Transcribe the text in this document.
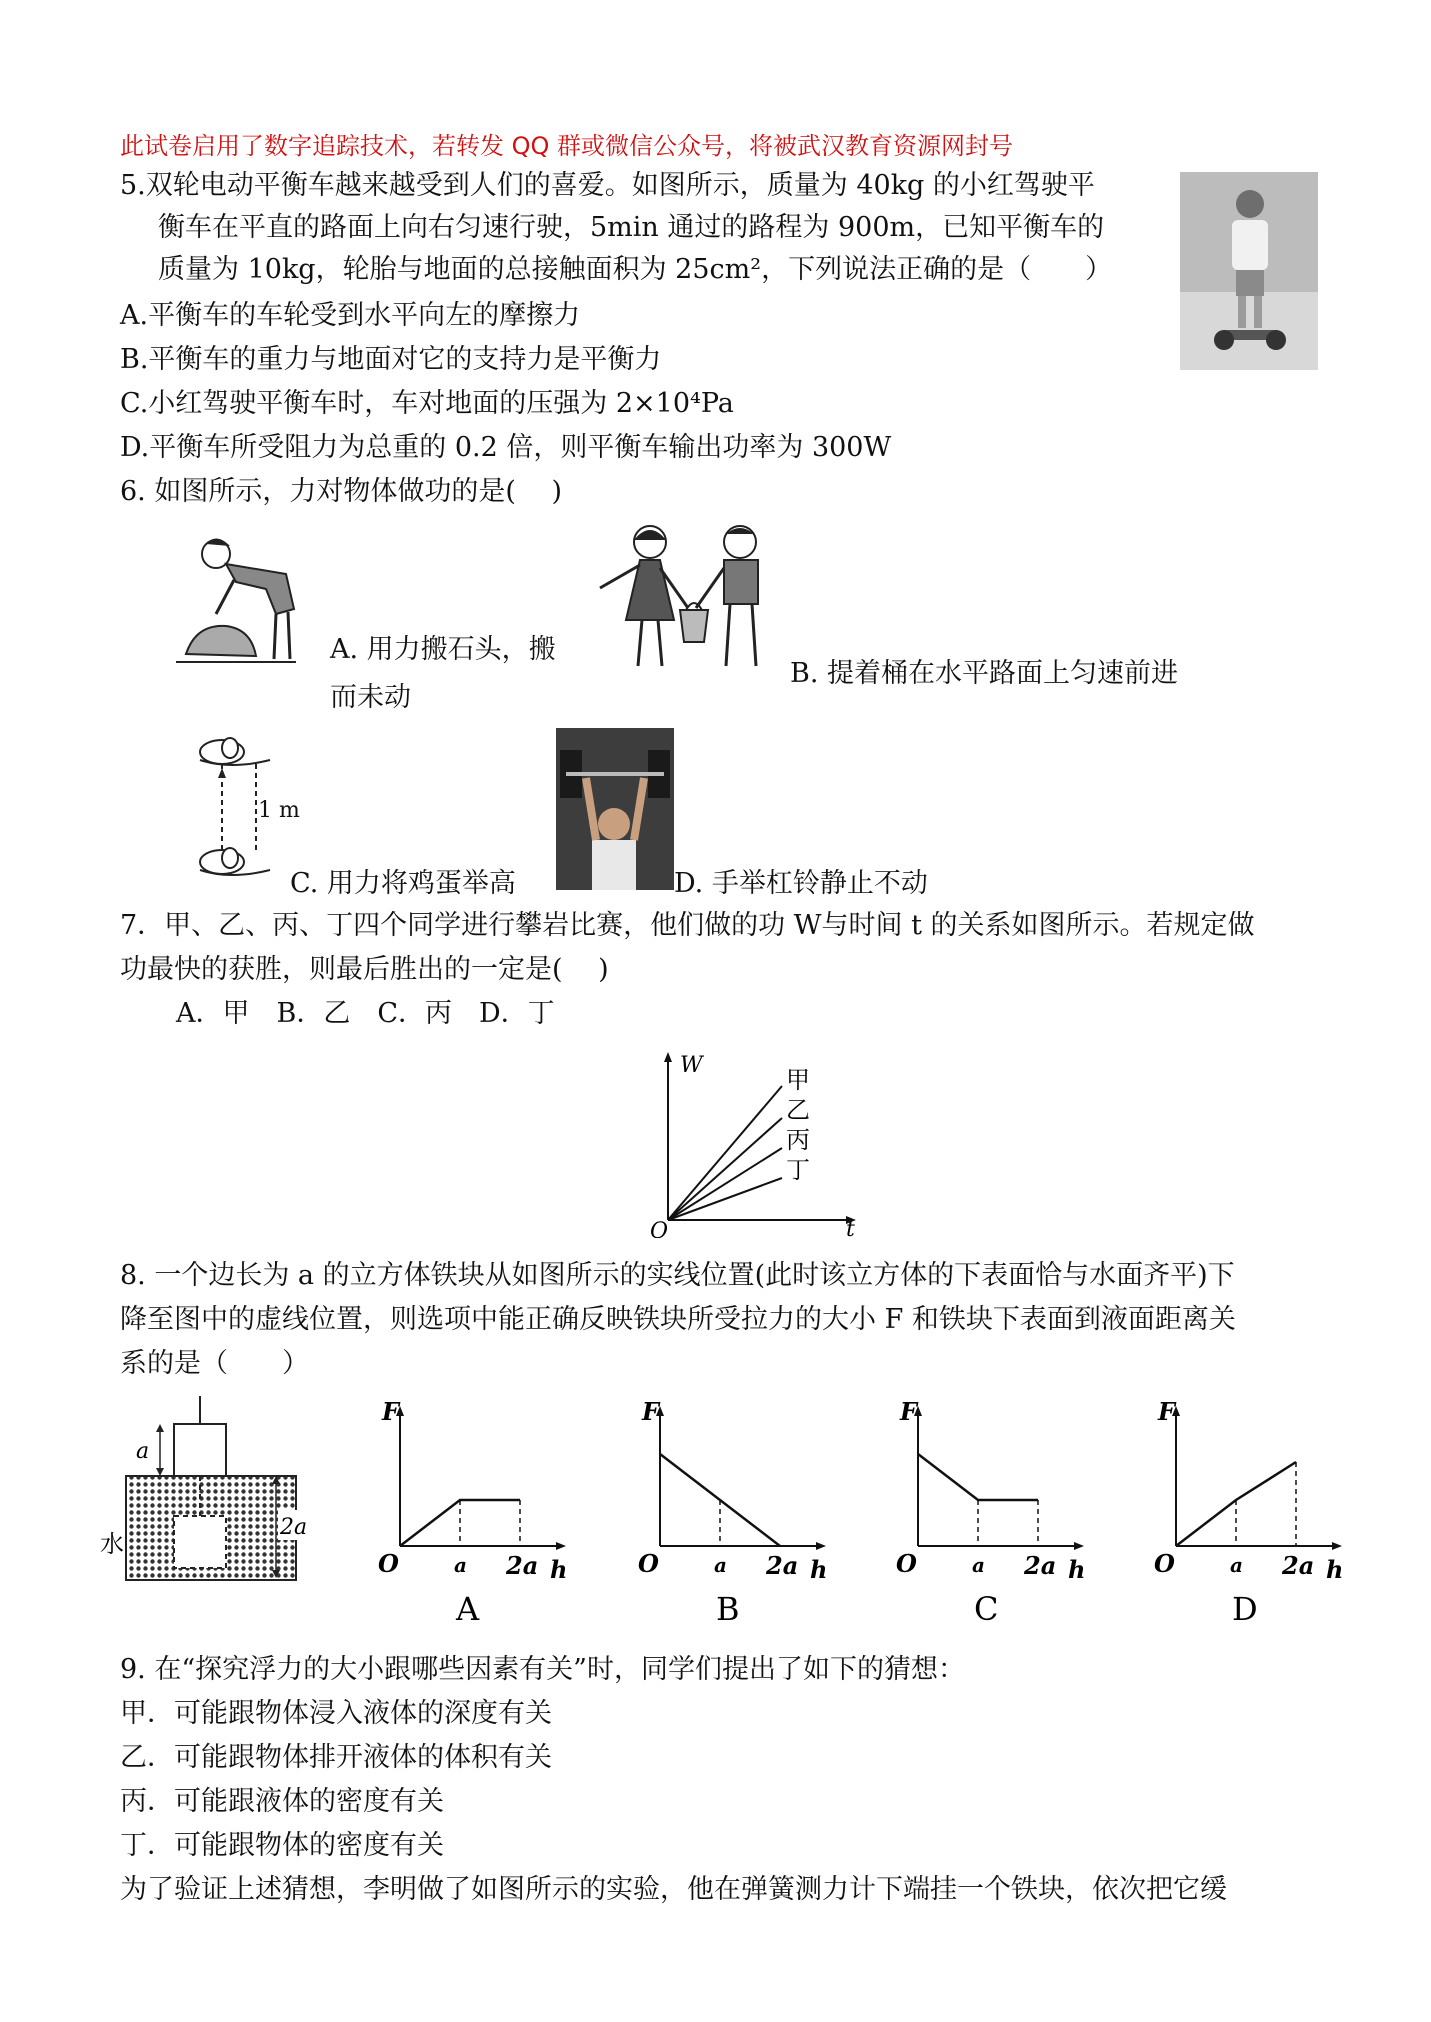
此试卷启用了数字追踪技术，若转发 QQ 群或微信公众号，将被武汉教育资源网封号
5.双轮电动平衡车越来越受到人们的喜爱。如图所示，质量为 40kg 的小红驾驶平
衡车在平直的路面上向右匀速行驶，5min 通过的路程为 900m，已知平衡车的
质量为 10kg，轮胎与地面的总接触面积为 25cm²，下列说法正确的是（　　）
A.平衡车的车轮受到水平向左的摩擦力
B.平衡车的重力与地面对它的支持力是平衡力
C.小红驾驶平衡车时，车对地面的压强为 2×10⁴Pa
D.平衡车所受阻力为总重的 0.2 倍，则平衡车输出功率为 300W
6. 如图所示，力对物体做功的是(　 )
A. 用力搬石头，搬
而未动
B. 提着桶在水平路面上匀速前进
1 m
C. 用力将鸡蛋举高	D. 手举杠铃静止不动
7．甲、乙、丙、丁四个同学进行攀岩比赛，他们做的功 W与时间 t 的关系如图所示。若规定做
功最快的获胜，则最后胜出的一定是(　 )
A．甲　B．乙　C．丙　D．丁
W
t
O
甲
乙
丙
丁
8. 一个边长为 a 的立方体铁块从如图所示的实线位置(此时该立方体的下表面恰与水面齐平)下
降至图中的虚线位置，则选项中能正确反映铁块所受拉力的大小 F 和铁块下表面到液面距离关
系的是（　　）
a
2a
水
F
O	a 2a h
A
F
O	a 2a h
B
F
O	a 2a h
C
F
O	a 2a h
D
9. 在“探究浮力的大小跟哪些因素有关”时，同学们提出了如下的猜想：
甲．可能跟物体浸入液体的深度有关
乙．可能跟物体排开液体的体积有关
丙．可能跟液体的密度有关
丁．可能跟物体的密度有关
为了验证上述猜想，李明做了如图所示的实验，他在弹簧测力计下端挂一个铁块，依次把它缓
